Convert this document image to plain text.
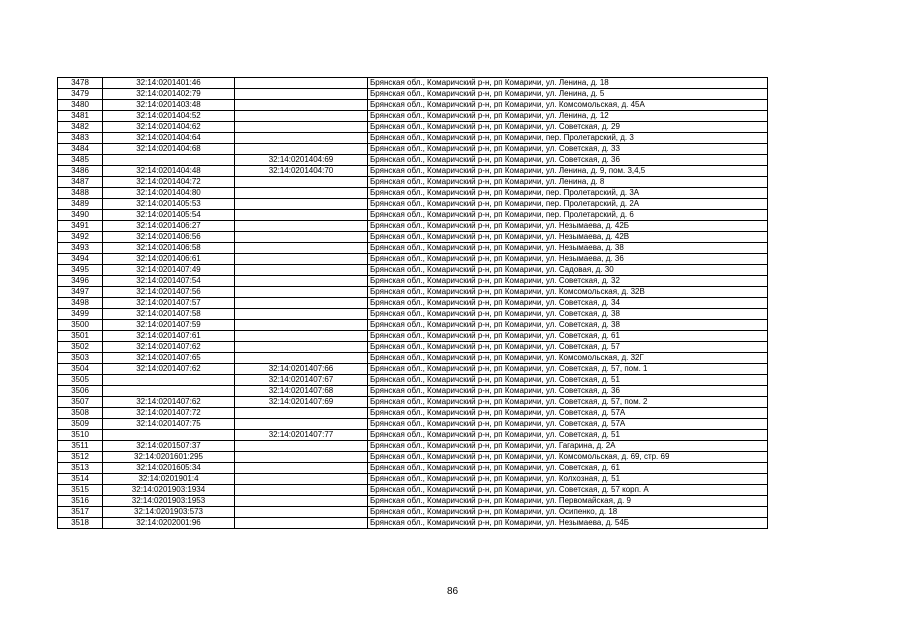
3478	32:14:0201401:46		Брянская обл., Комаричский р-н, рп Комаричи, ул. Ленина, д. 18
3479	32:14:0201402:79		Брянская обл., Комаричский р-н, рп Комаричи, ул. Ленина, д. 5
3480	32:14:0201403:48		Брянская обл., Комаричский р-н, рп Комаричи, ул. Комсомольская, д. 45А
3481	32:14:0201404:52		Брянская обл., Комаричский р-н, рп Комаричи, ул. Ленина, д. 12
3482	32:14:0201404:62		Брянская обл., Комаричский р-н, рп Комаричи, ул. Советская, д. 29
3483	32:14:0201404:64		Брянская обл., Комаричский р-н, рп Комаричи, пер. Пролетарский, д. 3
3484	32:14:0201404:68		Брянская обл., Комаричский р-н, рп Комаричи, ул. Советская, д. 33
3485		32:14:0201404:69	Брянская обл., Комаричский р-н, рп Комаричи, ул. Советская, д. 36
3486	32:14:0201404:48	32:14:0201404:70	Брянская обл., Комаричский р-н, рп Комаричи, ул. Ленина, д. 9, пом. 3,4,5
3487	32:14:0201404:72		Брянская обл., Комаричский р-н, рп Комаричи, ул. Ленина, д. 8
3488	32:14:0201404:80		Брянская обл., Комаричский р-н, рп Комаричи, пер. Пролетарский, д. 3А
3489	32:14:0201405:53		Брянская обл., Комаричский р-н, рп Комаричи, пер. Пролетарский, д. 2А
3490	32:14:0201405:54		Брянская обл., Комаричский р-н, рп Комаричи, пер. Пролетарский, д. 6
3491	32:14:0201406:27		Брянская обл., Комаричский р-н, рп Комаричи, ул. Незымаева, д. 42Б
3492	32:14:0201406:56		Брянская обл., Комаричский р-н, рп Комаричи, ул. Незымаева, д. 42В
3493	32:14:0201406:58		Брянская обл., Комаричский р-н, рп Комаричи, ул. Незымаева, д. 38
3494	32:14:0201406:61		Брянская обл., Комаричский р-н, рп Комаричи, ул. Незымаева, д. 36
3495	32:14:0201407:49		Брянская обл., Комаричский р-н, рп Комаричи, ул. Садовая, д. 30
3496	32:14:0201407:54		Брянская обл., Комаричский р-н, рп Комаричи, ул. Советская, д. 32
3497	32:14:0201407:56		Брянская обл., Комаричский р-н, рп Комаричи, ул. Комсомольская, д. 32В
3498	32:14:0201407:57		Брянская обл., Комаричский р-н, рп Комаричи, ул. Советская, д. 34
3499	32:14:0201407:58		Брянская обл., Комаричский р-н, рп Комаричи, ул. Советская, д. 38
3500	32:14:0201407:59		Брянская обл., Комаричский р-н, рп Комаричи, ул. Советская, д. 38
3501	32:14:0201407:61		Брянская обл., Комаричский р-н, рп Комаричи, ул. Советская, д. 61
3502	32:14:0201407:62		Брянская обл., Комаричский р-н, рп Комаричи, ул. Советская, д. 57
3503	32:14:0201407:65		Брянская обл., Комаричский р-н, рп Комаричи, ул. Комсомольская, д. 32Г
3504	32:14:0201407:62	32:14:0201407:66	Брянская обл., Комаричский р-н, рп Комаричи, ул. Советская, д. 57, пом. 1
3505		32:14:0201407:67	Брянская обл., Комаричский р-н, рп Комаричи, ул. Советская, д. 51
3506		32:14:0201407:68	Брянская обл., Комаричский р-н, рп Комаричи, ул. Советская, д. 36
3507	32:14:0201407:62	32:14:0201407:69	Брянская обл., Комаричский р-н, рп Комаричи, ул. Советская, д. 57, пом. 2
3508	32:14:0201407:72		Брянская обл., Комаричский р-н, рп Комаричи, ул. Советская, д. 57А
3509	32:14:0201407:75		Брянская обл., Комаричский р-н, рп Комаричи, ул. Советская, д. 57А
3510		32:14:0201407:77	Брянская обл., Комаричский р-н, рп Комаричи, ул. Советская, д. 51
3511	32:14:0201507:37		Брянская обл., Комаричский р-н, рп Комаричи, ул. Гагарина, д. 2А
3512	32:14:0201601:295		Брянская обл., Комаричский р-н, рп Комаричи, ул. Комсомольская, д. 69, стр. 69
3513	32:14:0201605:34		Брянская обл., Комаричский р-н, рп Комаричи, ул. Советская, д. 61
3514	32:14:0201901:4		Брянская обл., Комаричский р-н, рп Комаричи, ул. Колхозная, д. 51
3515	32:14:0201903:1934		Брянская обл., Комаричский р-н, рп Комаричи, ул. Советская, д. 57 корп. А
3516	32:14:0201903:1953		Брянская обл., Комаричский р-н, рп Комаричи, ул. Первомайская, д. 9
3517	32:14:0201903:573		Брянская обл., Комаричский р-н, рп Комаричи, ул. Осипенко, д. 18
3518	32:14:0202001:96		Брянская обл., Комаричский р-н, рп Комаричи, ул. Незымаева, д. 54Б
86
